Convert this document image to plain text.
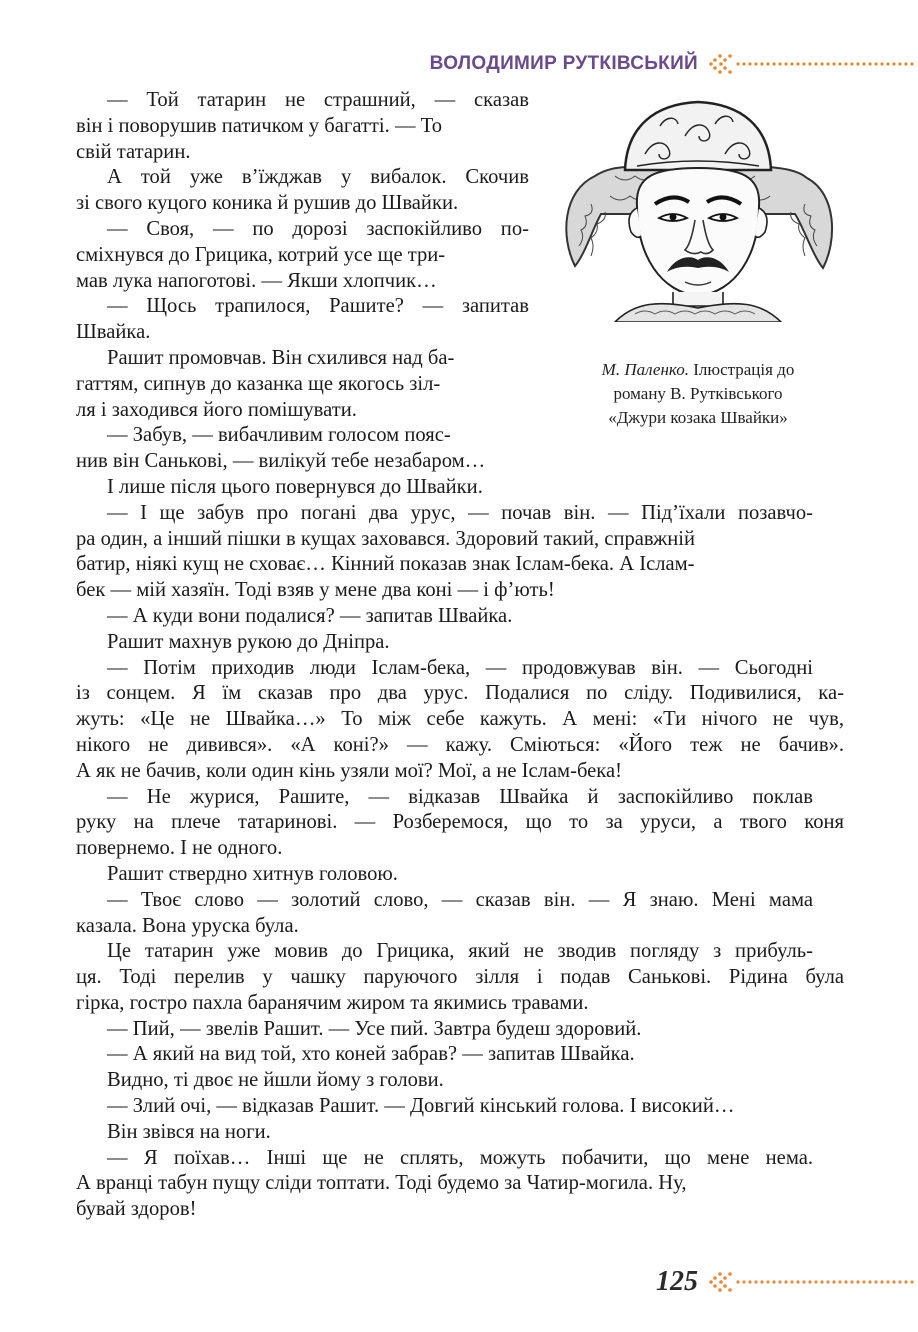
ВОЛОДИМИР РУТКІВСЬКИЙ
М. Паленко. Ілюстрація до
роману В. Рутківського
«Джури козака Швайки»

— Той татарин не страшний, — сказав
він і поворушив патичком у багатті. — То
свій татарин.

А той уже в’їжджав у вибалок. Скочив
зі свого куцого коника й рушив до Швайки.

— Своя, — по дорозі заспокійливо по-
сміхнувся до Грицика, котрий усе ще три-
мав лука напоготові. — Якши хлопчик…

— Щось трапилося, Рашите? — запитав
Швайка.

Рашит промовчав. Він схилився над ба-
гаттям, сипнув до казанка ще якогось зіл-
ля і заходився його помішувати.

— Забув, — вибачливим голосом пояс-
нив він Санькові, — вилікуй тебе незабаром…

І лише після цього повернувся до Швайки.

— І ще забув про погані два урус, — почав він. — Під’їхали позавчо-
ра один, а інший пішки в кущах заховався. Здоровий такий, справжній
батир, ніякі кущ не сховає… Кінний показав знак Іслам-бека. А Іслам-
бек — мій хазяїн. Тоді взяв у мене два коні — і ф’ють!

— А куди вони подалися? — запитав Швайка.

Рашит махнув рукою до Дніпра.

— Потім приходив люди Іслам-бека, — продовжував він. — Сьогодні
із сонцем. Я їм сказав про два урус. Подалися по сліду. Подивилися, ка-
жуть: «Це не Швайка…» То між себе кажуть. А мені: «Ти нічого не чув,
нікого не дивився». «А коні?» — кажу. Сміються: «Його теж не бачив».
А як не бачив, коли один кінь узяли мої? Мої, а не Іслам-бека!

— Не журися, Рашите, — відказав Швайка й заспокійливо поклав
руку на плече татаринові. — Розберемося, що то за уруси, а твого коня
повернемо. І не одного.

Рашит ствердно хитнув головою.

— Твоє слово — золотий слово, — сказав він. — Я знаю. Мені мама
казала. Вона уруска була.

Це татарин уже мовив до Грицика, який не зводив погляду з прибуль-
ця. Тоді перелив у чашку паруючого зілля і подав Санькові. Рідина була
гірка, гостро пахла баранячим жиром та якимись травами.

— Пий, — звелів Рашит. — Усе пий. Завтра будеш здоровий.

— А який на вид той, хто коней забрав? — запитав Швайка.

Видно, ті двоє не йшли йому з голови.

— Злий очі, — відказав Рашит. — Довгий кінський голова. І високий…

Він звівся на ноги.

— Я поїхав… Інші ще не сплять, можуть побачити, що мене нема.
А вранці табун пущу сліди топтати. Тоді будемо за Чатир-могила. Ну,
бувай здоров!

125
